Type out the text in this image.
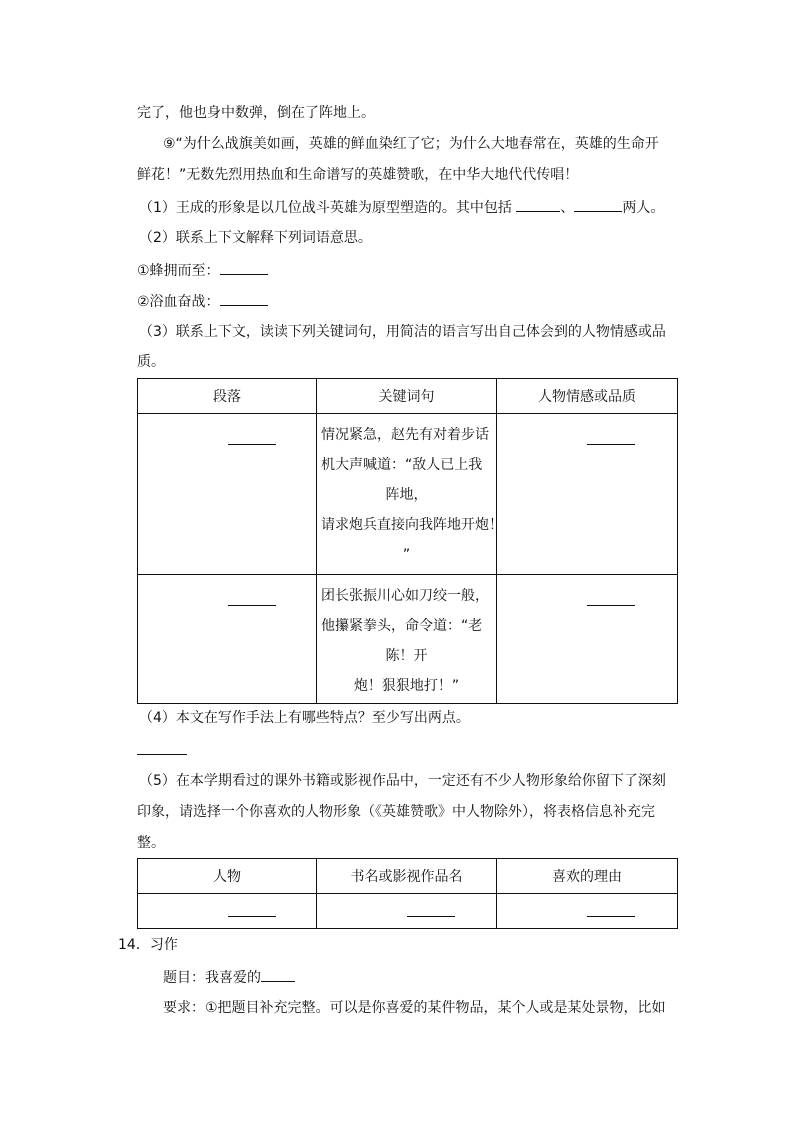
完了，他也身中数弹，倒在了阵地上。
⑨“为什么战旗美如画，英雄的鲜血染红了它；为什么大地春常在，英雄的生命开
鲜花！”无数先烈用热血和生命谱写的英雄赞歌，在中华大地代代传唱！
（1）王成的形象是以几位战斗英雄为原型塑造的。其中包括	、	两人。
（2）联系上下文解释下列词语意思。
①蜂拥而至：
②浴血奋战：
（3）联系上下文，读读下列关键词句，用简洁的语言写出自己体会到的人物情感或品
质。
段落	关键词句	人物情感或品质

	情况紧急，赵先有对着步话
机大声喊道：“敌人已上我
阵地，
请求炮兵直接向我阵地开炮！
”	

	团长张振川心如刀绞一般，
他攥紧拳头，命令道：“老
陈！开
炮！狠狠地打！”	

（4）本文在写作手法上有哪些特点？至少写出两点。
（5）在本学期看过的课外书籍或影视作品中，一定还有不少人物形象给你留下了深刻
印象，请选择一个你喜欢的人物形象（《英雄赞歌》中人物除外），将表格信息补充完
整。
人物	书名或影视作品名	喜欢的理由

14．习作
题目：我喜爱的
要求：①把题目补充完整。可以是你喜爱的某件物品，某个人或是某处景物，比如
